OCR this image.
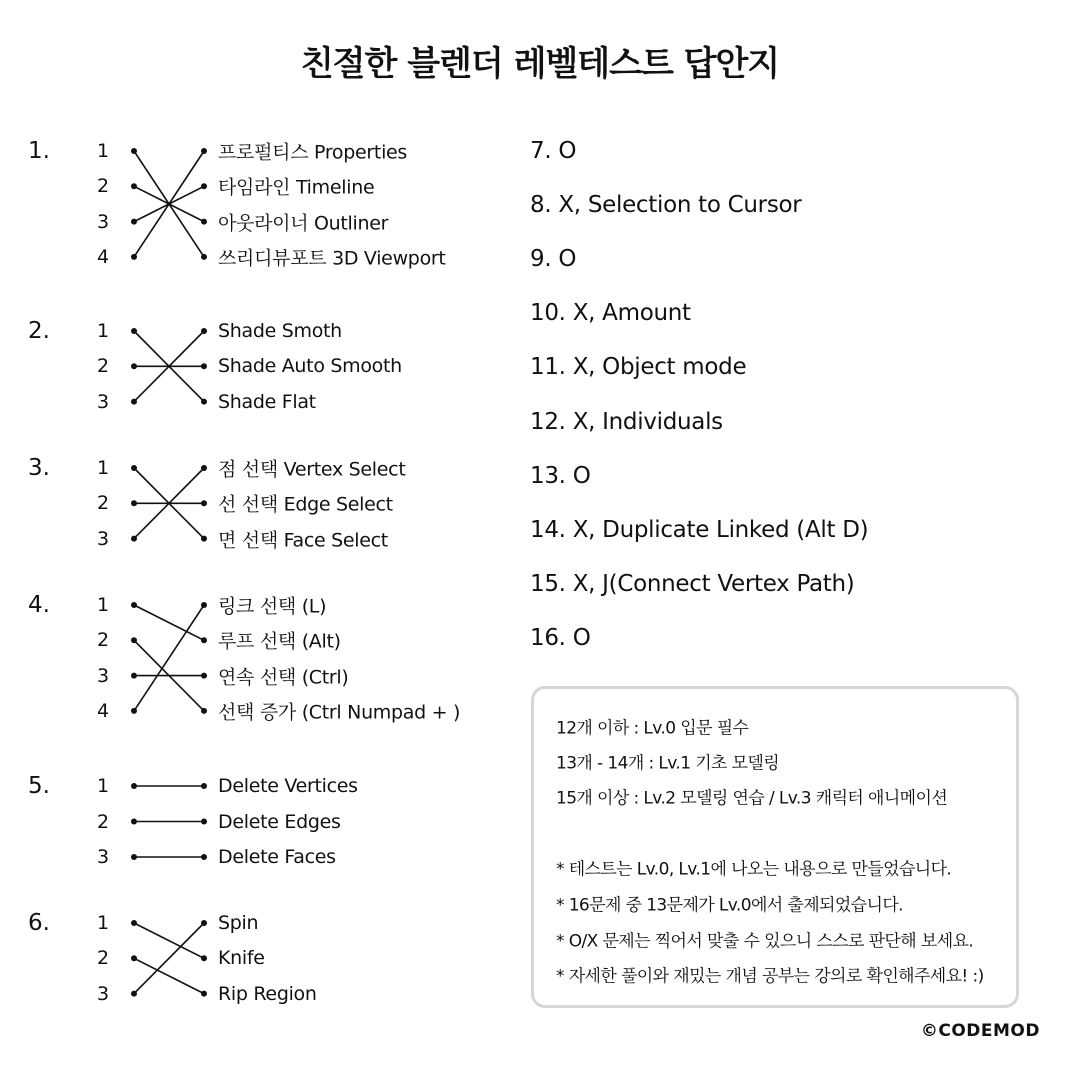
친절한 블렌더 레벨테스트 답안지
1. 1	프로펄티스 Properties
2	타임라인 Timeline
3	아웃라이너 Outliner
4	쓰리디뷰포트 3D Viewport
2. 1	Shade Smoth
2	Shade Auto Smooth
3	Shade Flat
3. 1	점 선택 Vertex Select
2	선 선택 Edge Select
3	면 선택 Face Select
4. 1	링크 선택 (L)
2	루프 선택 (Alt)
3	연속 선택 (Ctrl)
4	선택 증가 (Ctrl Numpad + )
5. 1	Delete Vertices
2	Delete Edges
3	Delete Faces
6. 1	Spin
2	Knife
3	Rip Region
7. O
8. X, Selection to Cursor
9. O
10. X, Amount
11. X, Object mode
12. X, Individuals
13. O
14. X, Duplicate Linked (Alt D)
15. X, J(Connect Vertex Path)
16. O
12개 이하 : Lv.0 입문 필수
13개 - 14개 : Lv.1 기초 모델링
15개 이상 : Lv.2 모델링 연습 / Lv.3 캐릭터 애니메이션
* 테스트는 Lv.0, Lv.1에 나오는 내용으로 만들었습니다.
* 16문제 중 13문제가 Lv.0에서 출제되었습니다.
* O/X 문제는 찍어서 맞출 수 있으니 스스로 판단해 보세요.
* 자세한 풀이와 재밌는 개념 공부는 강의로 확인해주세요! :)
©CODEMOD
